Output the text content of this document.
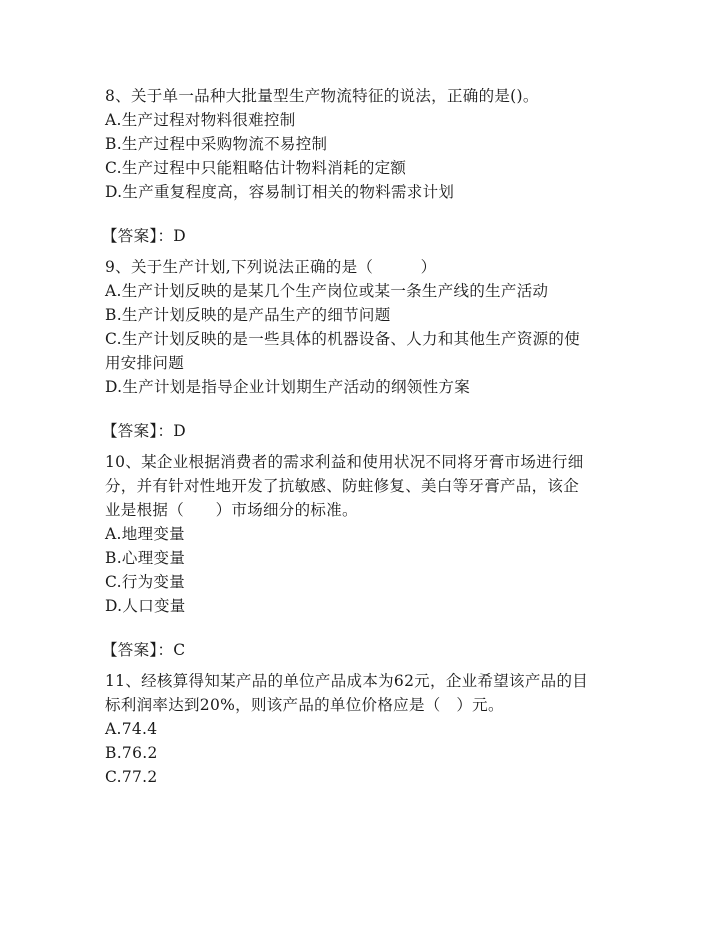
8、关于单一品种大批量型生产物流特征的说法，正确的是()。
A.生产过程对物料很难控制
B.生产过程中采购物流不易控制
C.生产过程中只能粗略估计物料消耗的定额
D.生产重复程度高，容易制订相关的物料需求计划
【答案】：D
9、关于生产计划,下列说法正确的是（　　　）
A.生产计划反映的是某几个生产岗位或某一条生产线的生产活动
B.生产计划反映的是产品生产的细节问题
C.生产计划反映的是一些具体的机器设备、人力和其他生产资源的使
用安排问题
D.生产计划是指导企业计划期生产活动的纲领性方案
【答案】：D
10、某企业根据消费者的需求利益和使用状况不同将牙膏市场进行细
分，并有针对性地开发了抗敏感、防蛀修复、美白等牙膏产品，该企
业是根据（　　）市场细分的标准。
A.地理变量
B.心理变量
C.行为变量
D.人口变量
【答案】：C
11、经核算得知某产品的单位产品成本为62元，企业希望该产品的目
标利润率达到20%，则该产品的单位价格应是（　）元。
A.74.4
B.76.2
C.77.2
